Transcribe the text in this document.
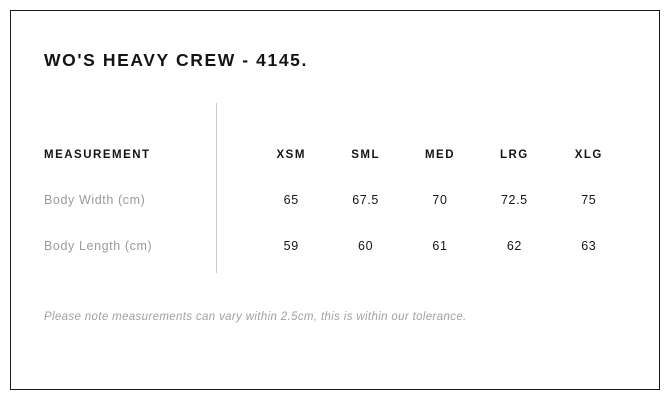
WO'S HEAVY CREW - 4145.
MEASUREMENT	XSM	SML	MED	LRG	XLG
Body Width (cm)	65	67.5	70	72.5	75
Body Length (cm)	59	60	61	62	63
Please note measurements can vary within 2.5cm, this is within our tolerance.
